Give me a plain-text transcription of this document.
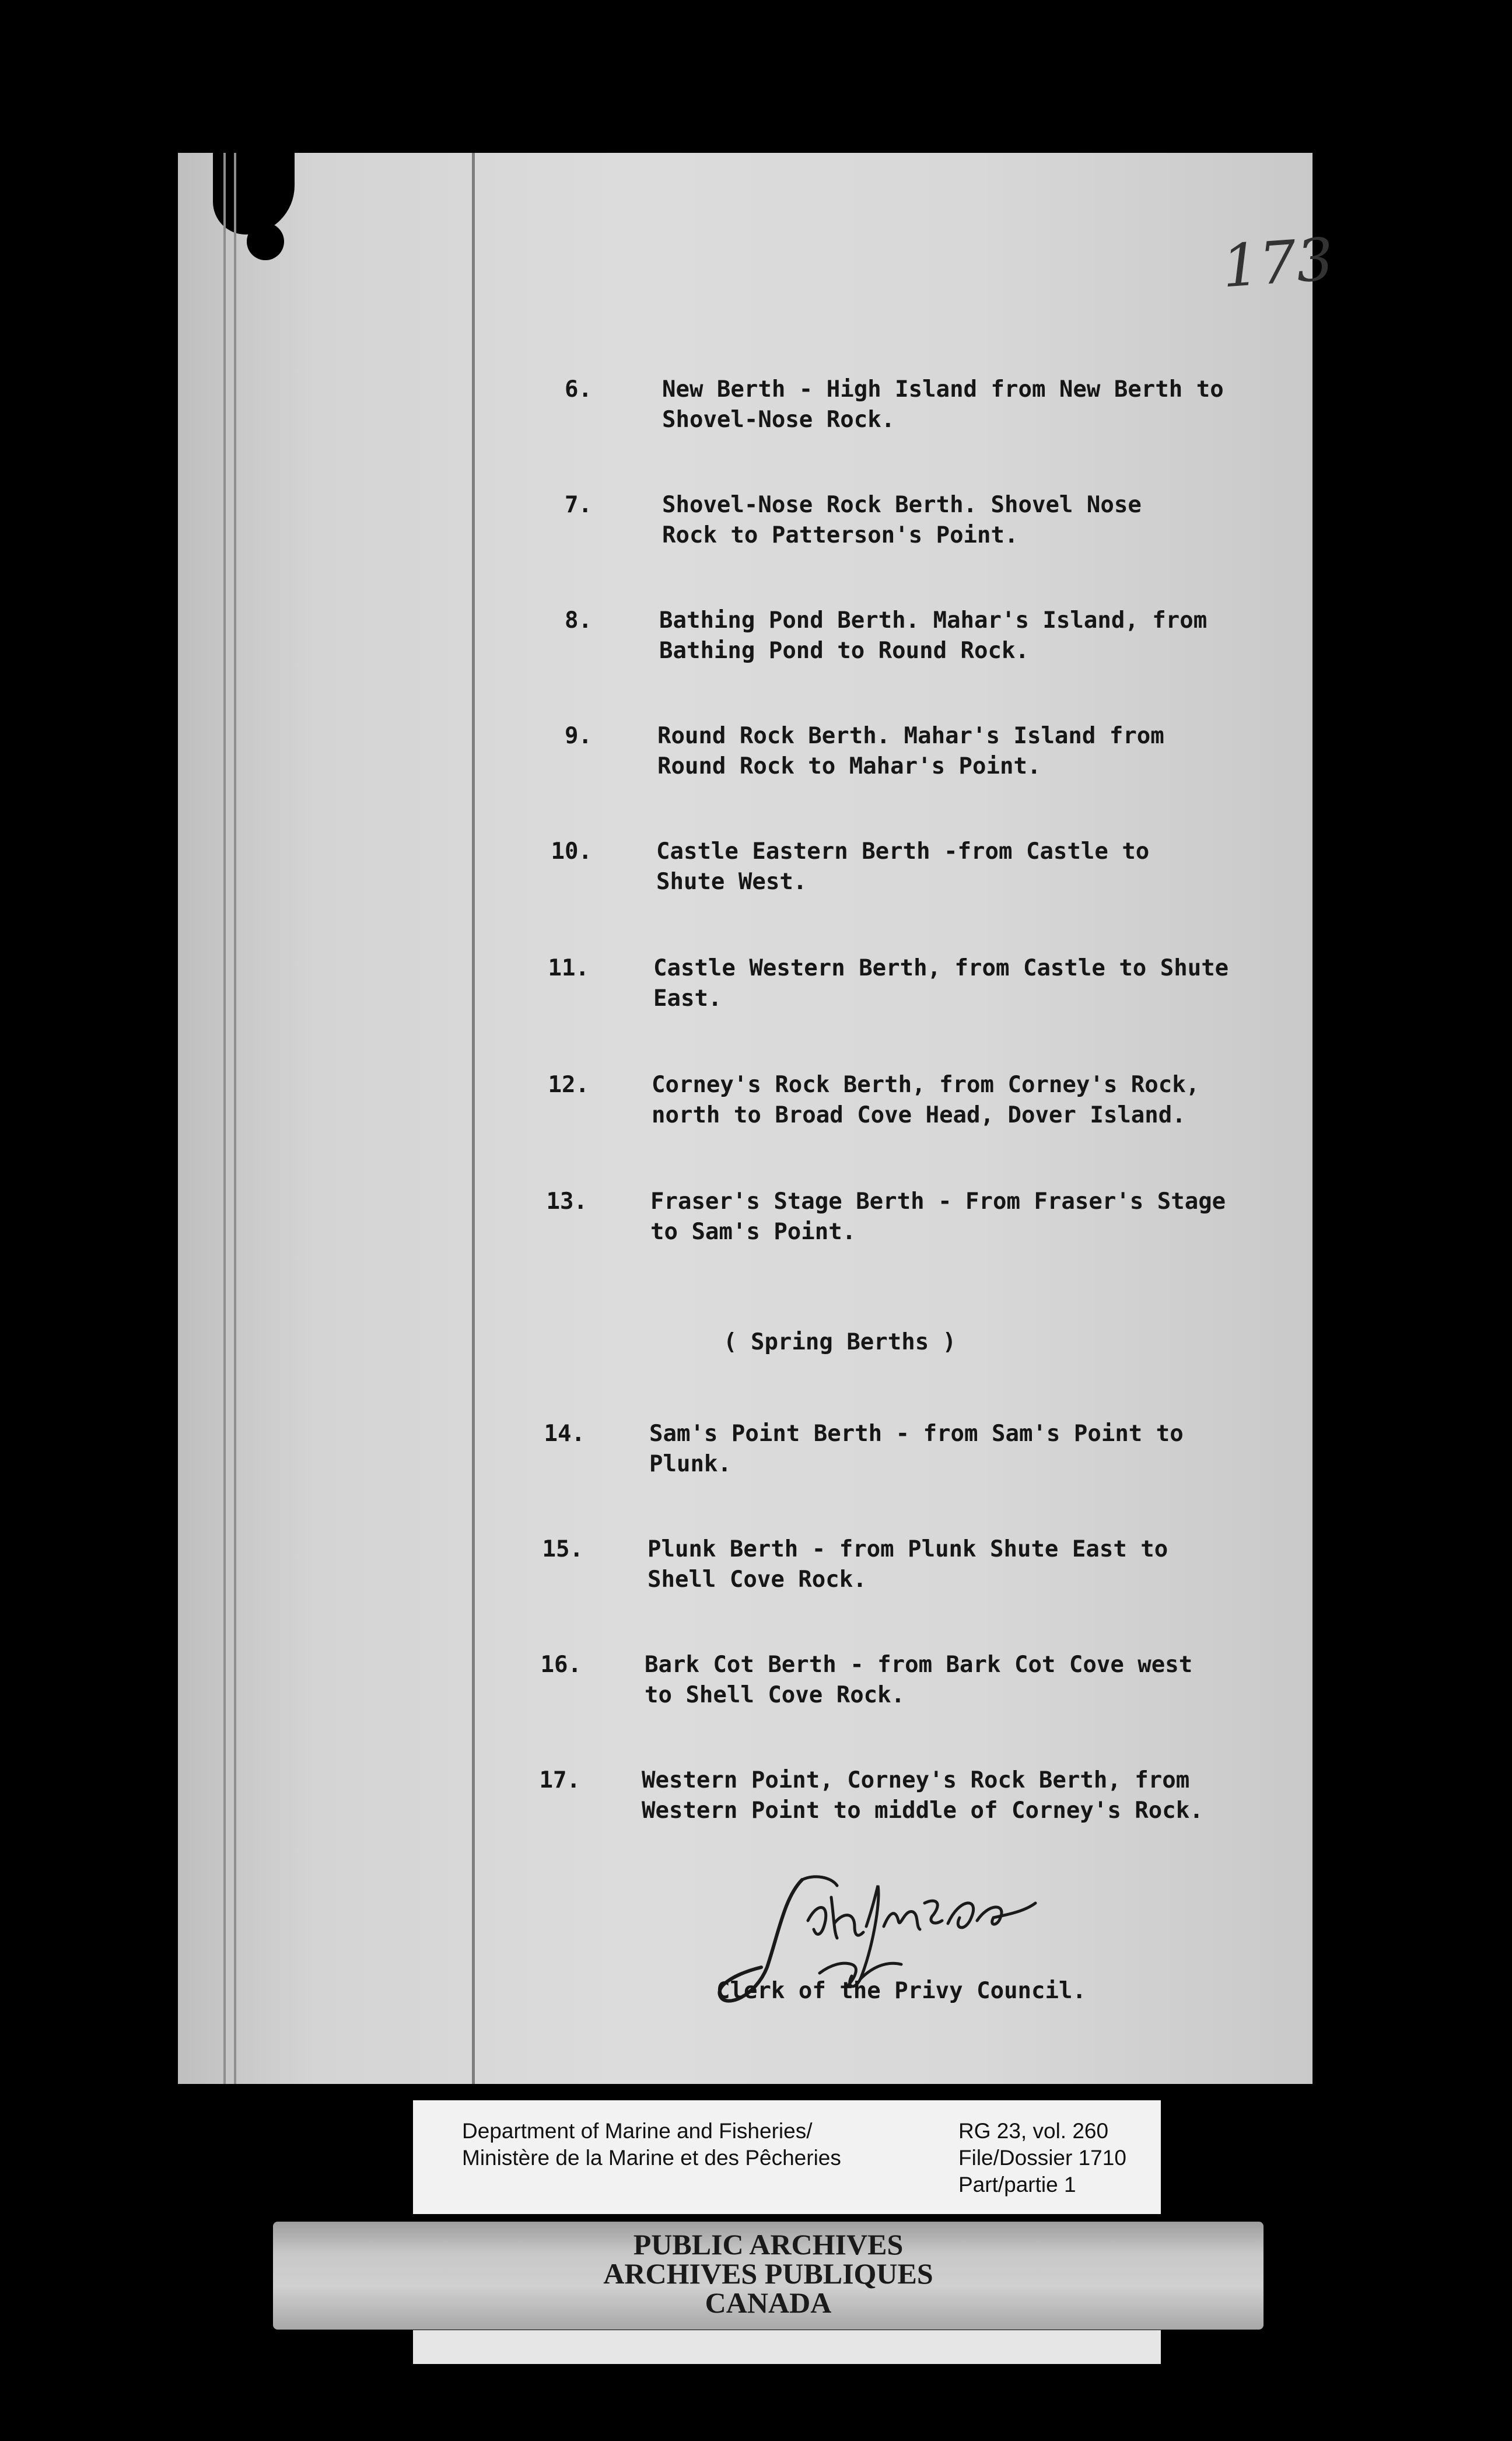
173
6.	New Berth - High Island from New Berth to
Shovel-Nose Rock.
7.	Shovel-Nose Rock Berth. Shovel Nose
Rock to Patterson's Point.
8.	Bathing Pond Berth. Mahar's Island, from
Bathing Pond to Round Rock.
9.	Round Rock Berth. Mahar's Island from
Round Rock to Mahar's Point.
10.	Castle Eastern Berth -from Castle to
Shute West.
11.	Castle Western Berth, from Castle to Shute
East.
12.	Corney's Rock Berth, from Corney's Rock,
north to Broad Cove Head, Dover Island.
13.	Fraser's Stage Berth - From Fraser's Stage
to Sam's Point.
( Spring Berths )
14.	Sam's Point Berth - from Sam's Point to
Plunk.
15.	Plunk Berth - from Plunk Shute East to
Shell Cove Rock.
16.	Bark Cot Berth - from Bark Cot Cove west
to Shell Cove Rock.
17.	Western Point, Corney's Rock Berth, from
Western Point to middle of Corney's Rock.
Clerk of the Privy Council.
Department of Marine and Fisheries/
Ministère de la Marine et des Pêcheries
RG 23, vol. 260
File/Dossier 1710
Part/partie 1
PUBLIC ARCHIVES
ARCHIVES PUBLIQUES
CANADA
